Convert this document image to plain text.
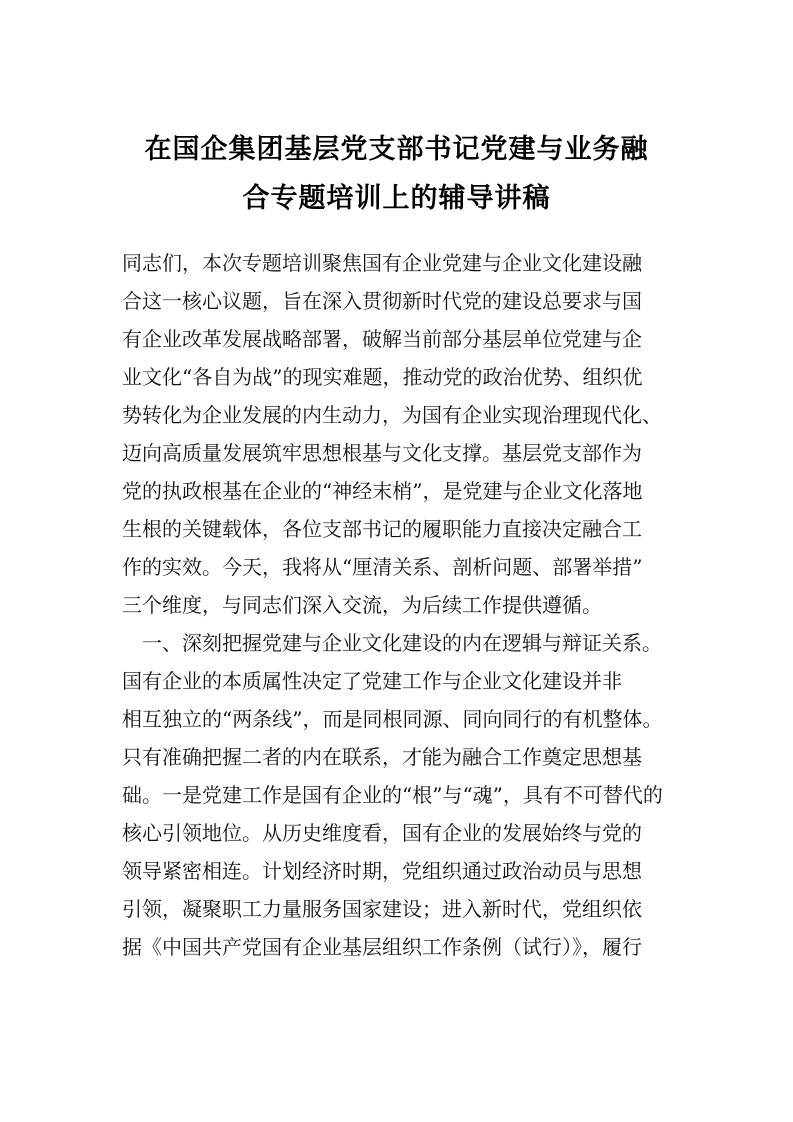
在国企集团基层党支部书记党建与业务融
合专题培训上的辅导讲稿
同志们，本次专题培训聚焦国有企业党建与企业文化建设融
合这一核心议题，旨在深入贯彻新时代党的建设总要求与国
有企业改革发展战略部署，破解当前部分基层单位党建与企
业文化“各自为战”的现实难题，推动党的政治优势、组织优
势转化为企业发展的内生动力，为国有企业实现治理现代化、
迈向高质量发展筑牢思想根基与文化支撑。基层党支部作为
党的执政根基在企业的“神经末梢”，是党建与企业文化落地
生根的关键载体，各位支部书记的履职能力直接决定融合工
作的实效。今天，我将从“厘清关系、剖析问题、部署举措”
三个维度，与同志们深入交流，为后续工作提供遵循。
一、深刻把握党建与企业文化建设的内在逻辑与辩证关系。
国有企业的本质属性决定了党建工作与企业文化建设并非
相互独立的“两条线”，而是同根同源、同向同行的有机整体。
只有准确把握二者的内在联系，才能为融合工作奠定思想基
础。一是党建工作是国有企业的“根”与“魂”，具有不可替代的
核心引领地位。从历史维度看，国有企业的发展始终与党的
领导紧密相连。计划经济时期，党组织通过政治动员与思想
引领，凝聚职工力量服务国家建设；进入新时代，党组织依
据《中国共产党国有企业基层组织工作条例（试行）》，履行
